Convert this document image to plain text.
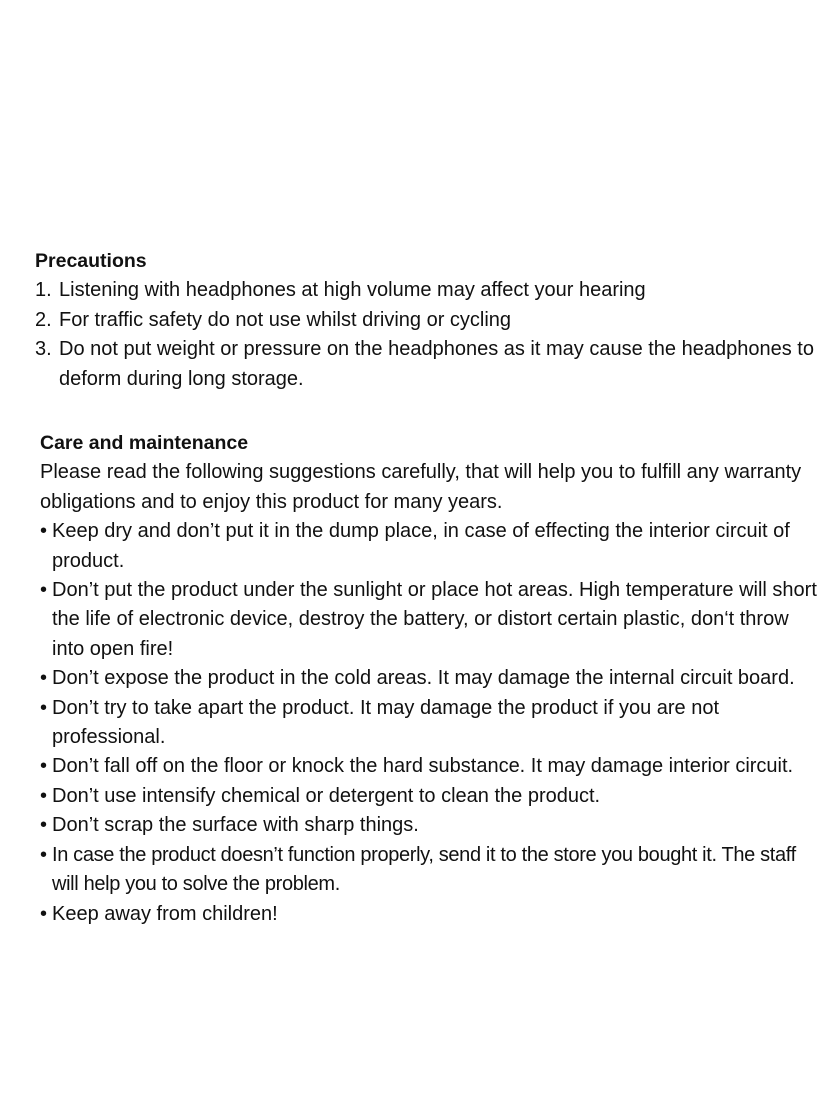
Precautions
1. Listening with headphones at high volume may affect your hearing
2. For traffic safety do not use whilst driving or cycling
3. Do not put weight or pressure on the headphones as it may cause the headphones to deform during long storage.
Care and maintenance

Please read the following suggestions carefully, that will help you to fulfill any warranty obligations and to enjoy this product for many years.

• Keep dry and don’t put it in the dump place, in case of effecting the interior circuit of product.
• Don’t put the product under the sunlight or place hot areas. High temperature will short the life of electronic device, destroy the battery, or distort certain plastic, don‘t throw into open fire!
• Don’t expose the product in the cold areas. It may damage the internal circuit board.
• Don’t try to take apart the product. It may damage the product if you are not professional.
• Don’t fall off on the floor or knock the hard substance. It may damage interior circuit.
• Don’t use intensify chemical or detergent to clean the product.
• Don’t scrap the surface with sharp things.
• In case the product doesn’t function properly, send it to the store you bought it. The staff will help you to solve the problem.
• Keep away from children!
